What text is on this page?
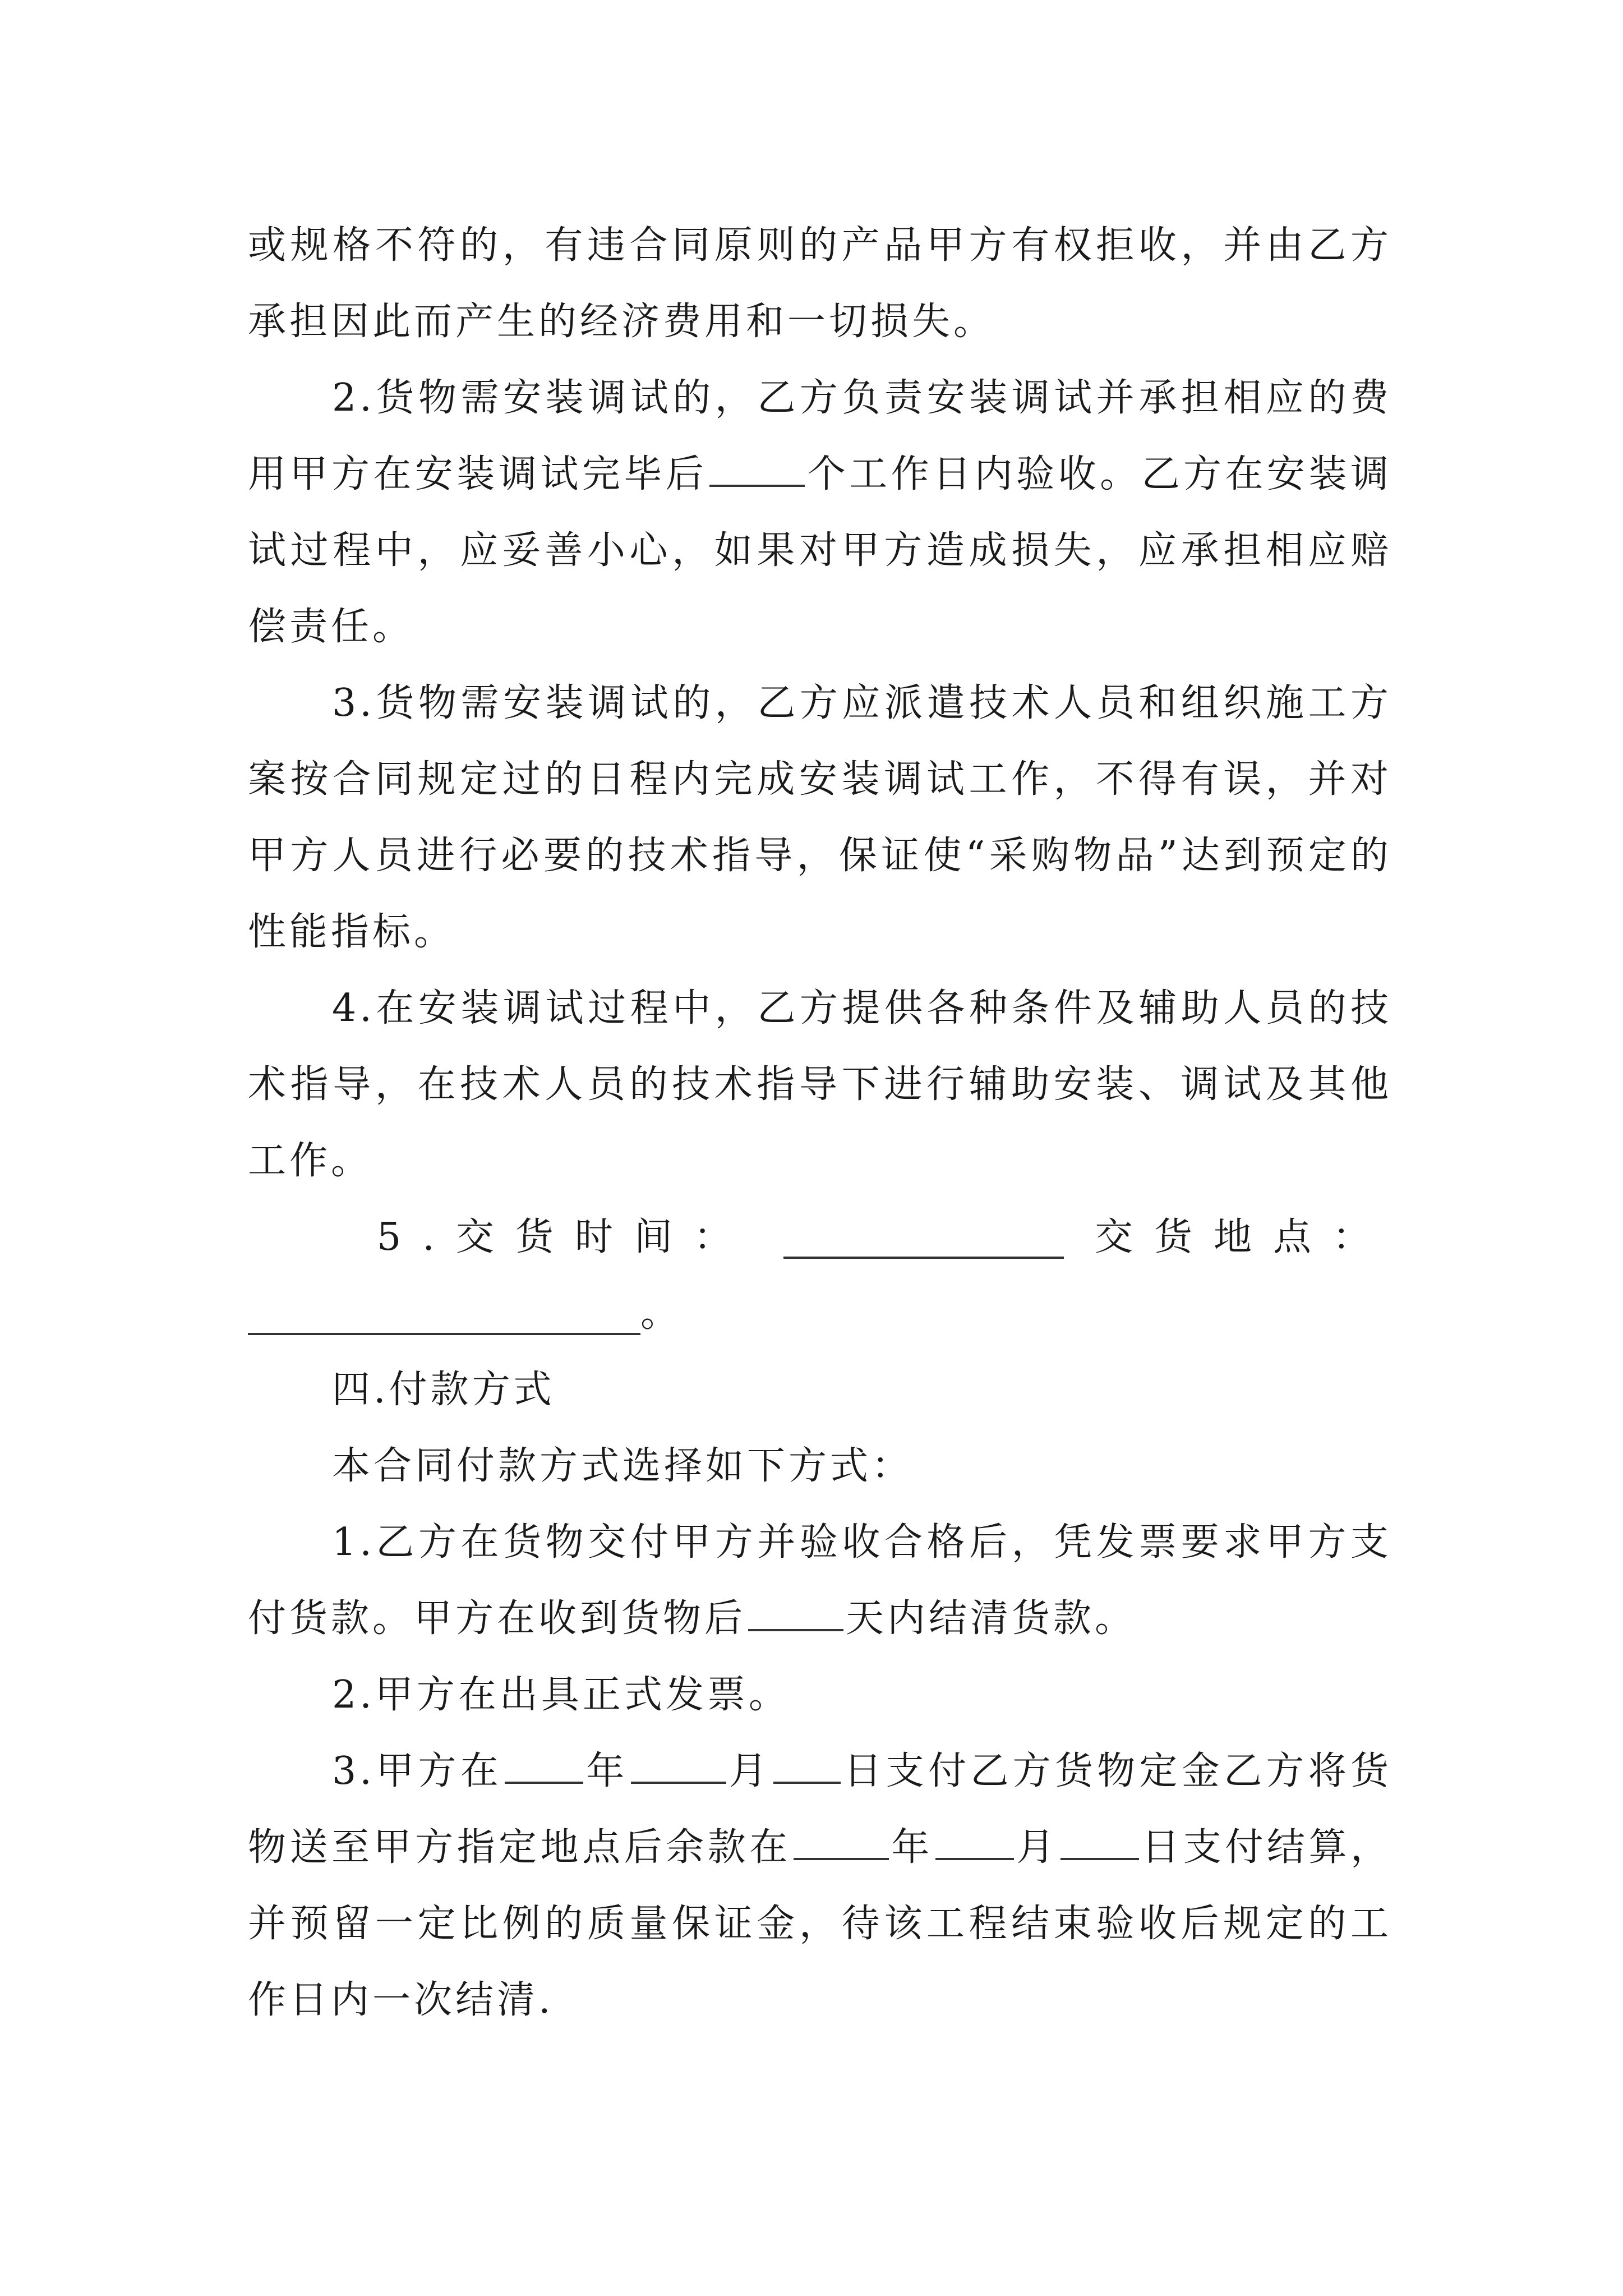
或规格不符的，有违合同原则的产品甲方有权拒收，并由乙方承担因此而产生的经济费用和一切损失。

2.货物需安装调试的，乙方负责安装调试并承担相应的费用甲方在安装调试完毕后	个工作日内验收。乙方在安装调试过程中，应妥善小心，如果对甲方造成损失，应承担相应赔偿责任。

3.货物需安装调试的，乙方应派遣技术人员和组织施工方案按合同规定过的日程内完成安装调试工作，不得有误，并对甲方人员进行必要的技术指导，保证使“采购物品”达到预定的性能指标。

4.在安装调试过程中，乙方提供各种条件及辅助人员的技术指导，在技术人员的技术指导下进行辅助安装、调试及其他工作。

5.交货时间：	交货地点：
。

四.付款方式

本合同付款方式选择如下方式：

1.乙方在货物交付甲方并验收合格后，凭发票要求甲方支付货款。甲方在收到货物后	天内结清货款。

2.甲方在出具正式发票。

3.甲方在 年	月 日支付乙方货物定金乙方将货物送至甲方指定地点后余款在	年 月 日支付结算，并预留一定比例的质量保证金，待该工程结束验收后规定的工作日内一次结清.
